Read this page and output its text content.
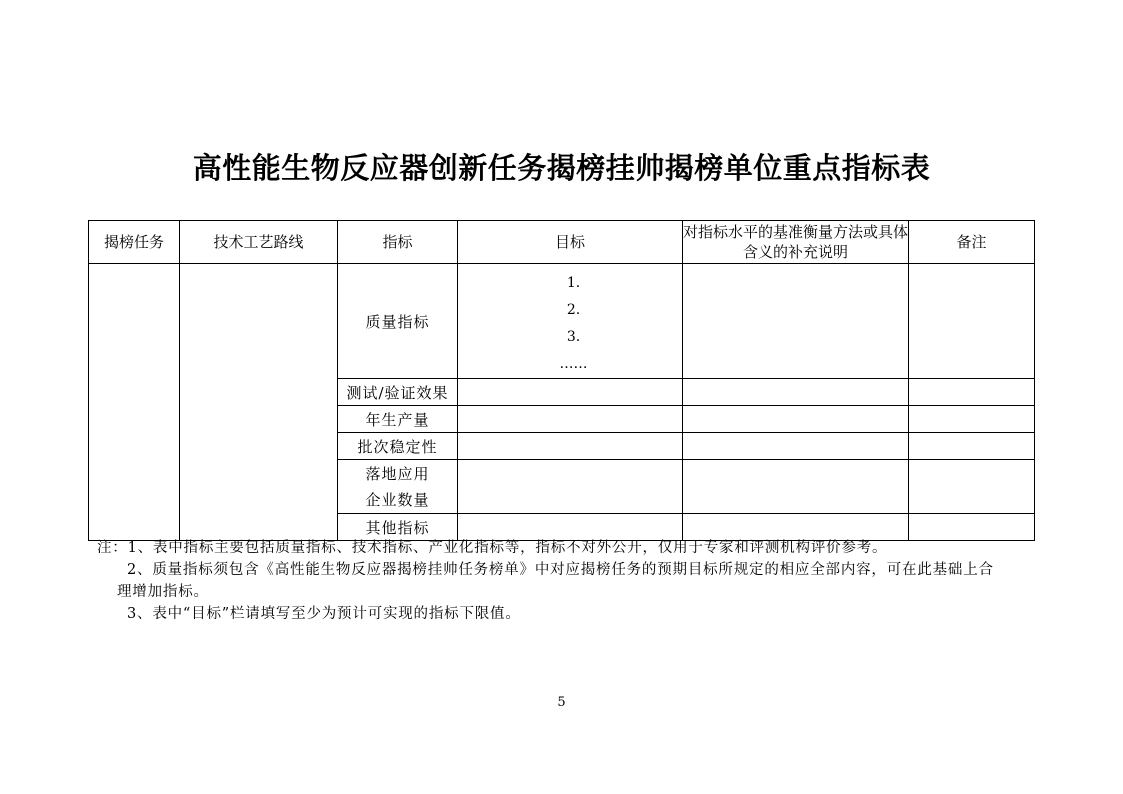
高性能生物反应器创新任务揭榜挂帅揭榜单位重点指标表
揭榜任务	技术工艺路线	指标	目标	对指标水平的基准衡量方法或具体含义的补充说明	备注
		质量指标	1.
2.
3.
……		

		测试/验证效果			
		年生产量			
		批次稳定性			

		落地应用
企业数量			

		其他指标			
注：1、表中指标主要包括质量指标、技术指标、产业化指标等，指标不对外公开，仅用于专家和评测机构评价参考。
2、质量指标须包含《高性能生物反应器揭榜挂帅任务榜单》中对应揭榜任务的预期目标所规定的相应全部内容，可在此基础上合
理增加指标。
3、表中“目标”栏请填写至少为预计可实现的指标下限值。
5
